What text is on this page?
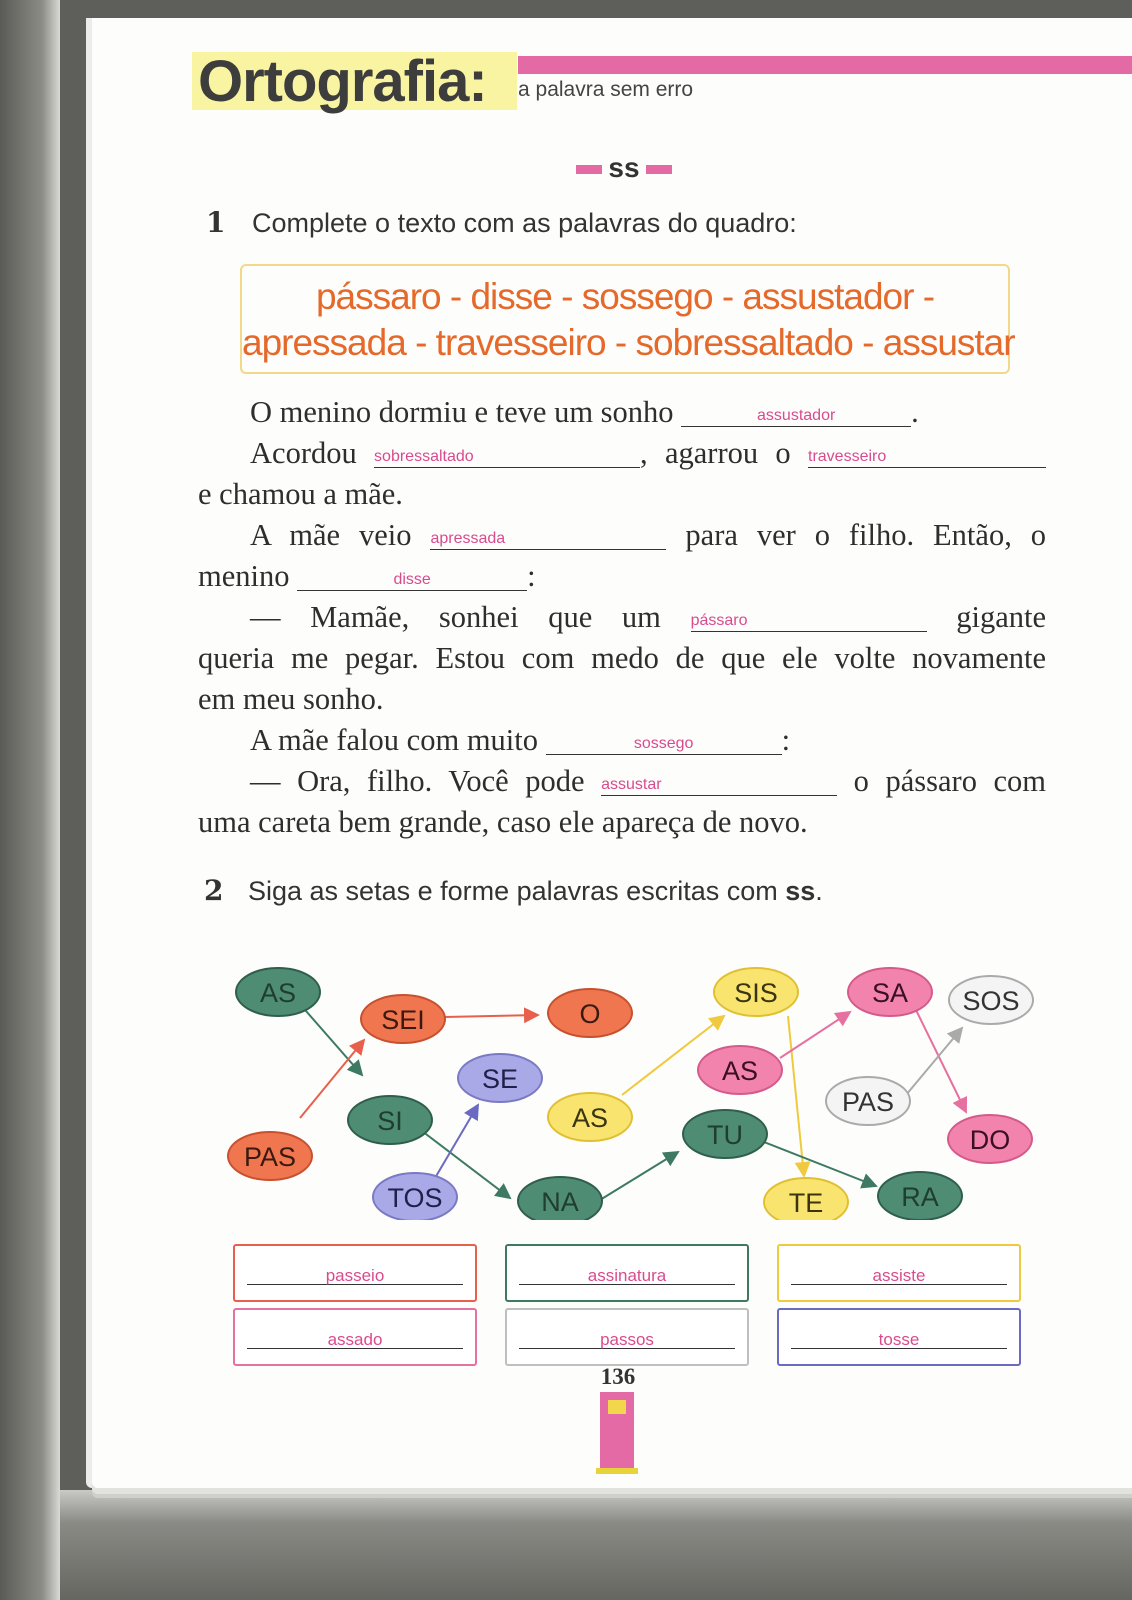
Ortografia: a palavra sem erro
ss
1 Complete o texto com as palavras do quadro:
pássaro - disse - sossego - assustador -
apressada - travesseiro - sobressaltado - assustar
O menino dormiu e teve um sonho	assustador .
Acordou sobressaltado	, agarrou o travesseiro
e chamou a mãe.
A mãe veio apressada	para ver o filho. Então, o
menino	disse	:
— Mamãe, sonhei que um pássaro	gigante
queria me pegar. Estou com medo de que ele volte novamente
em meu sonho.
A mãe falou com muito	sossego	:
— Ora, filho. Você pode assustar	o pássaro com
uma careta bem grande, caso ele apareça de novo.
2 Siga as setas e forme palavras escritas com ss.
AS
SEI	O
SIS	SA SOS
SE	AS
AS
PAS
SI	TU
PAS
DO
TOS	NA	TE	RA
passeio	assinatura	assiste
assado	passos	tosse
136
